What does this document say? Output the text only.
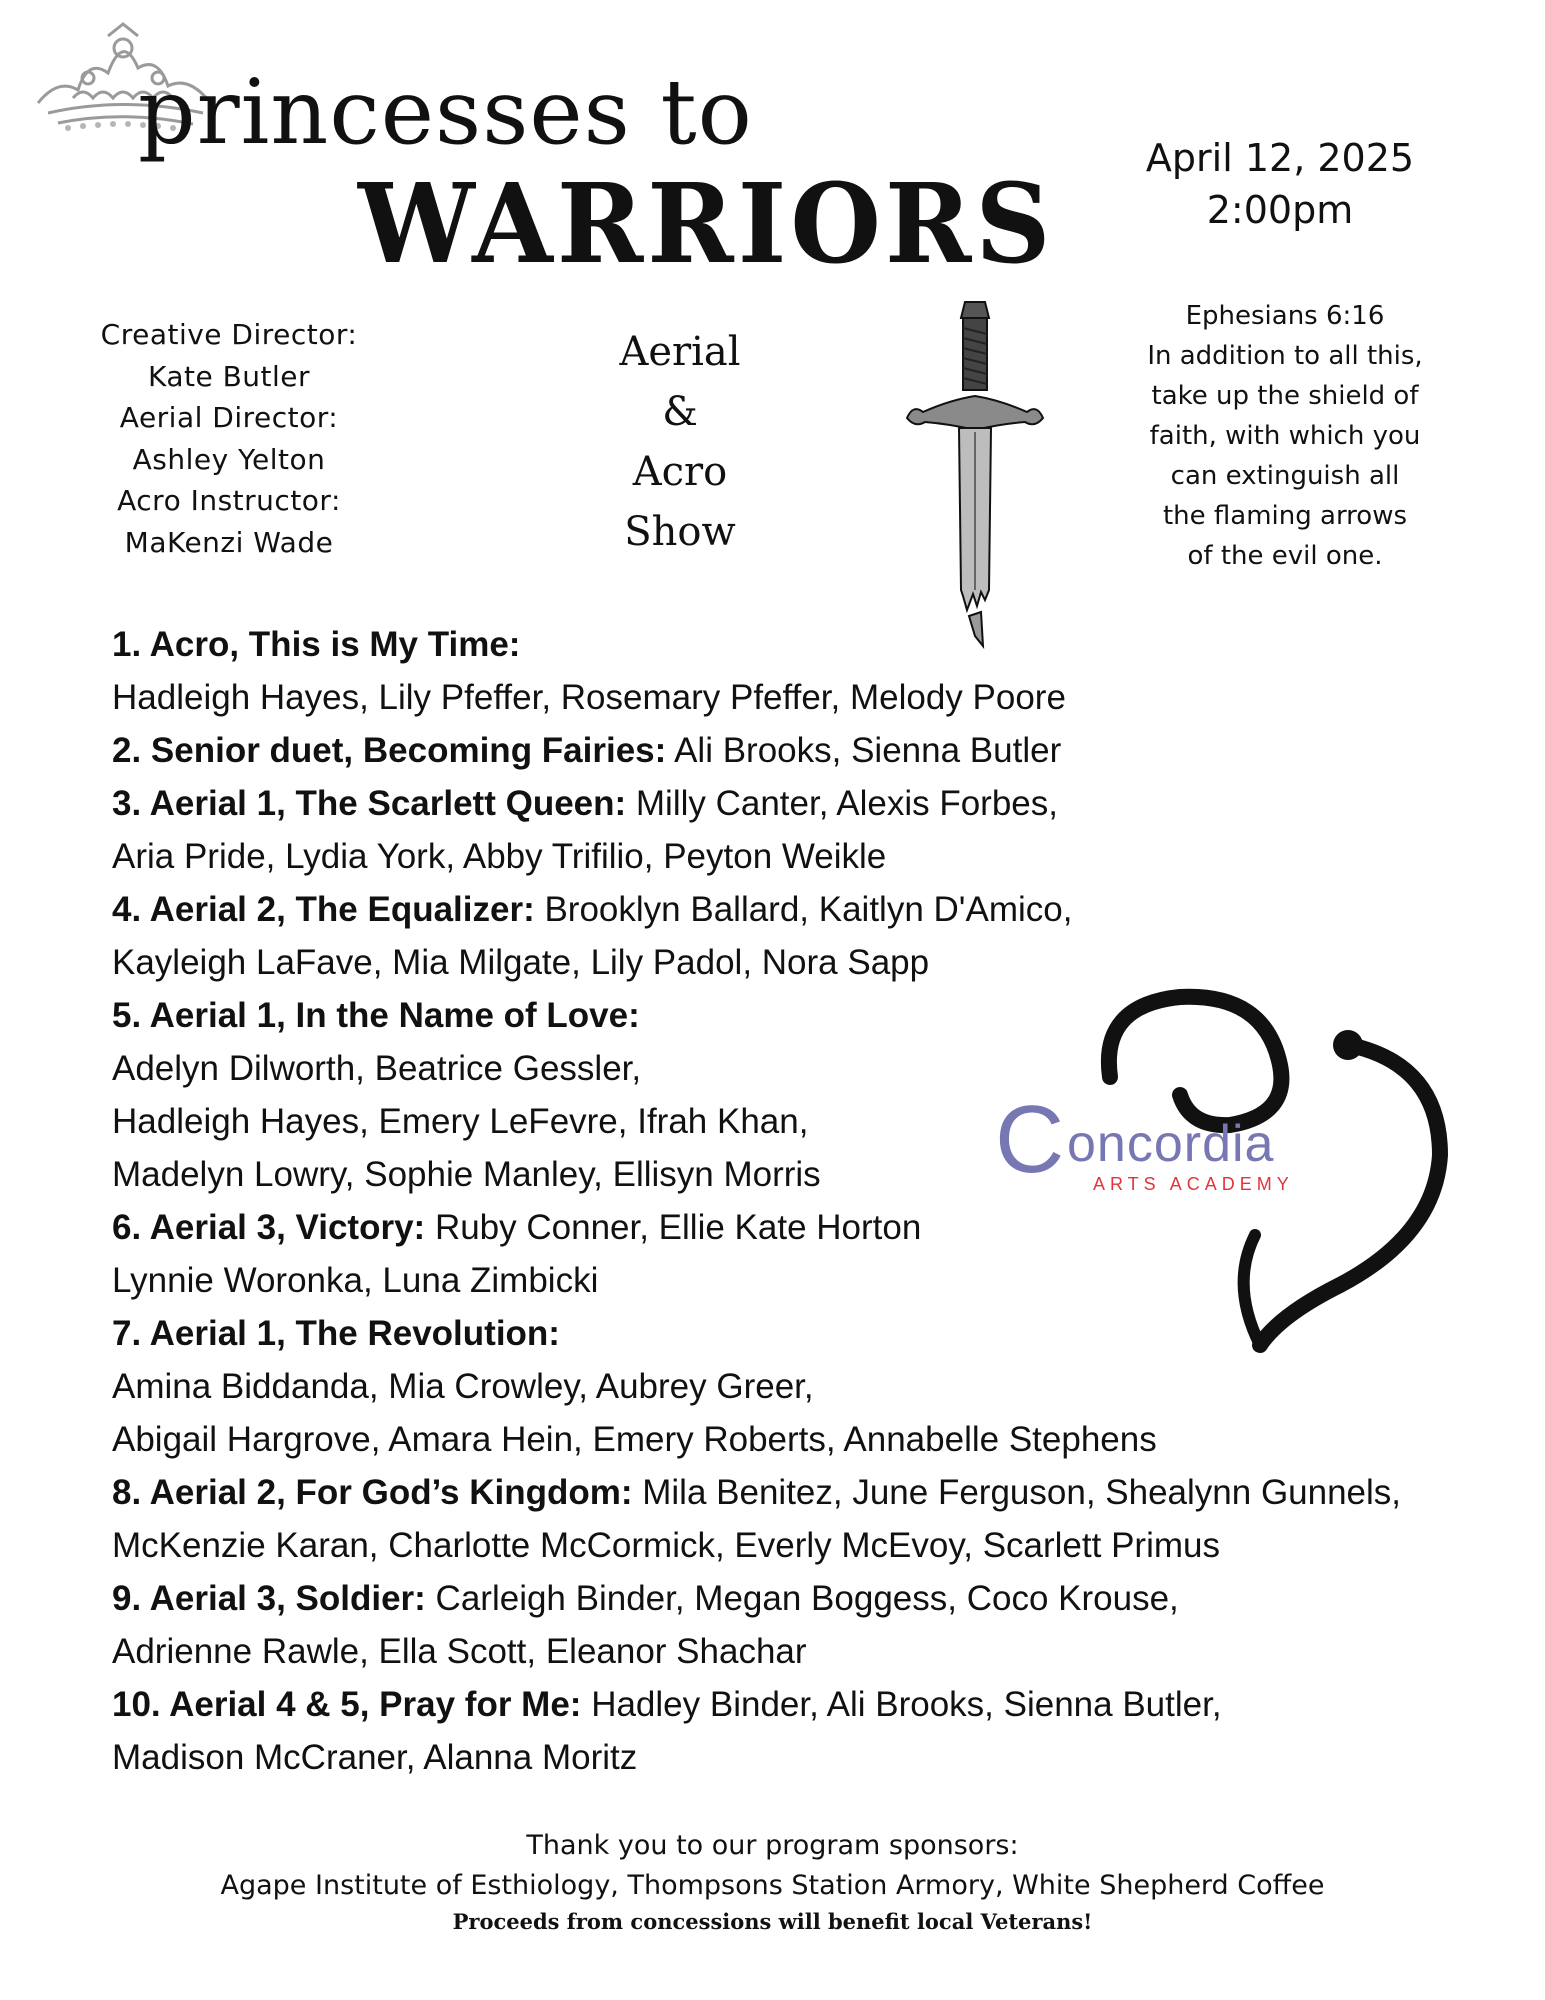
princesses to
WARRIORS
April 12, 2025
2:00pm
Creative Director:
Kate Butler
Aerial Director:
Ashley Yelton
Acro Instructor:
MaKenzi Wade
Aerial
&
Acro
Show
Ephesians 6:16
In addition to all this,
take up the shield of
faith, with which you
can extinguish all
the flaming arrows
of the evil one.
C oncordia
ARTS ACADEMY
1. Acro, This is My Time:
Hadleigh Hayes, Lily Pfeffer, Rosemary Pfeffer, Melody Poore
2. Senior duet, Becoming Fairies: Ali Brooks, Sienna Butler
3. Aerial 1, The Scarlett Queen: Milly Canter, Alexis Forbes,
Aria Pride, Lydia York, Abby Trifilio, Peyton Weikle
4. Aerial 2, The Equalizer: Brooklyn Ballard, Kaitlyn D'Amico,
Kayleigh LaFave, Mia Milgate, Lily Padol, Nora Sapp
5. Aerial 1, In the Name of Love:
Adelyn Dilworth, Beatrice Gessler,
Hadleigh Hayes, Emery LeFevre, Ifrah Khan,
Madelyn Lowry, Sophie Manley, Ellisyn Morris
6. Aerial 3, Victory: Ruby Conner, Ellie Kate Horton
Lynnie Woronka, Luna Zimbicki
7. Aerial 1, The Revolution:
Amina Biddanda, Mia Crowley, Aubrey Greer,
Abigail Hargrove, Amara Hein, Emery Roberts, Annabelle Stephens
8. Aerial 2, For God’s Kingdom: Mila Benitez, June Ferguson, Shealynn Gunnels,
McKenzie Karan, Charlotte McCormick, Everly McEvoy, Scarlett Primus
9. Aerial 3, Soldier: Carleigh Binder, Megan Boggess, Coco Krouse,
Adrienne Rawle, Ella Scott, Eleanor Shachar
10. Aerial 4 & 5, Pray for Me: Hadley Binder, Ali Brooks, Sienna Butler,
Madison McCraner, Alanna Moritz
Thank you to our program sponsors:
Agape Institute of Esthiology, Thompsons Station Armory, White Shepherd Coffee
Proceeds from concessions will benefit local Veterans!
